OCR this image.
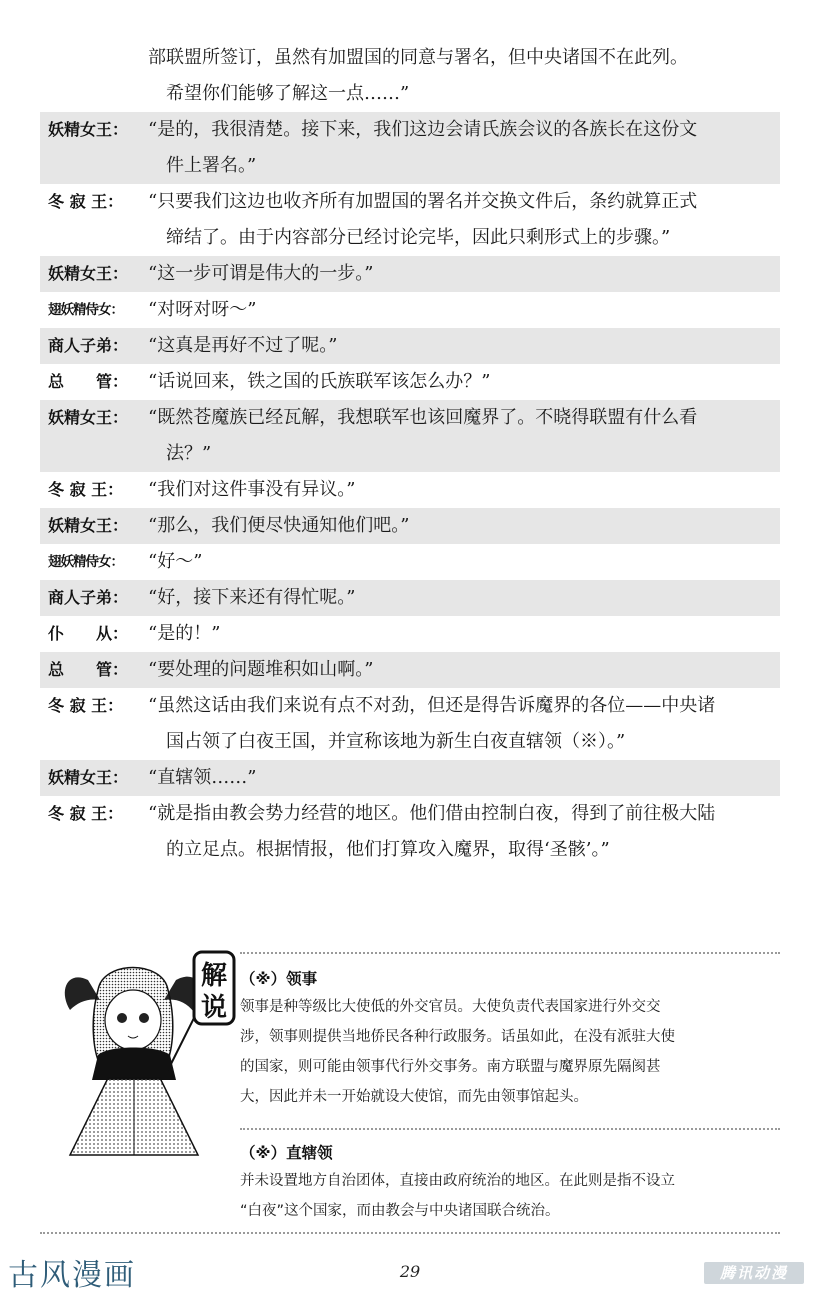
部联盟所签订，虽然有加盟国的同意与署名，但中央诸国不在此列。
希望你们能够了解这一点……”
妖精女王：	“是的，我很清楚。接下来，我们这边会请氏族会议的各族长在这份文
件上署名。”
冬 寂 王：	“只要我们这边也收齐所有加盟国的署名并交换文件后，条约就算正式
缔结了。由于内容部分已经讨论完毕，因此只剩形式上的步骤。”
妖精女王：	“这一步可谓是伟大的一步。”
翅妖精侍女：	“对呀对呀～”
商人子弟：	“这真是再好不过了呢。”
总　　管：	“话说回来，铁之国的氏族联军该怎么办？”
妖精女王：	“既然苍魔族已经瓦解，我想联军也该回魔界了。不晓得联盟有什么看
法？”
冬 寂 王：	“我们对这件事没有异议。”
妖精女王：	“那么，我们便尽快通知他们吧。”
翅妖精侍女：	“好～”
商人子弟：	“好，接下来还有得忙呢。”
仆　　从：	“是的！”
总　　管：	“要处理的问题堆积如山啊。”
冬 寂 王：	“虽然这话由我们来说有点不对劲，但还是得告诉魔界的各位——中央诸
国占领了白夜王国，并宣称该地为新生白夜直辖领（※）。”
妖精女王：	“直辖领……”
冬 寂 王：	“就是指由教会势力经营的地区。他们借由控制白夜，得到了前往极大陆
的立足点。根据情报，他们打算攻入魔界，取得‘圣骸’。”
解
说
（※）领事
领事是种等级比大使低的外交官员。大使负责代表国家进行外交交
涉，领事则提供当地侨民各种行政服务。话虽如此，在没有派驻大使
的国家，则可能由领事代行外交事务。南方联盟与魔界原先隔阂甚
大，因此并未一开始就设大使馆，而先由领事馆起头。
（※）直辖领
并未设置地方自治团体，直接由政府统治的地区。在此则是指不设立
“白夜”这个国家，而由教会与中央诸国联合统治。
古风漫画	29	腾讯动漫
